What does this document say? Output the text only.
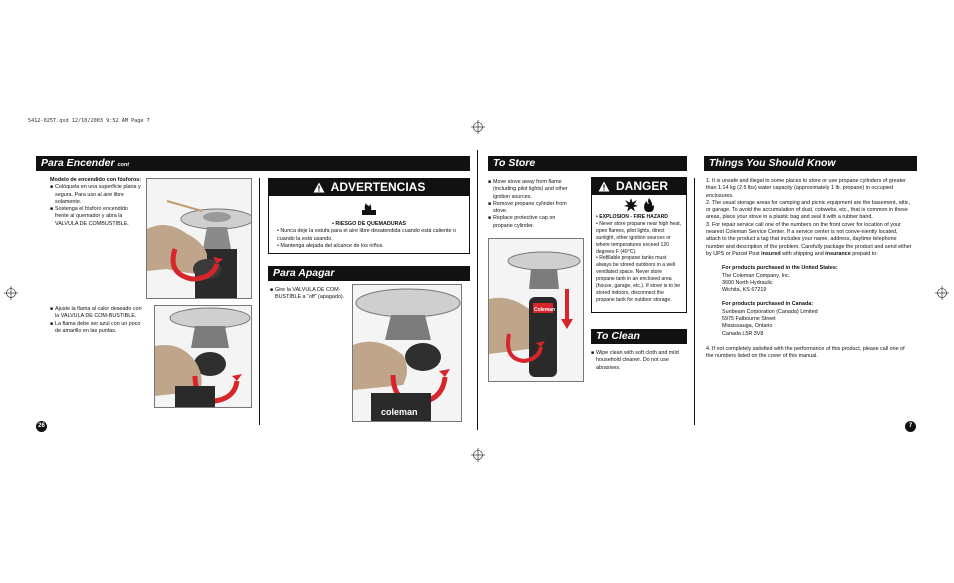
5412-025T.qxd 12/10/2003 9:52 AM Page 7
26	7
Para Encender cont

Modelo de encendido con fósforos:

■ Colóquela en una superficie plana y segura. Para uso al aire libre solamente.
■ Sostenga el fósforo encendido frente al quemador y abra la VALVULA DE COMBUSTIBLE.
■ Ajuste la flama al calor deseado con la VALVULA DE COM-BUSTIBLE.
■ La flama debe ser azul con un poco de amarillo en las puntas.
ADVERTENCIAS

• RIESGO DE QUEMADURAS

• Nunca deje la estufa para el aire libre desatendida cuando está caliente o cuando la está usando.

• Mantenga alejada del alcance de los niños.

Para Apagar
■ Gire la VALVULA DE COM-BUSTIBLE a “off” (apagado).
coleman
To Store
■ Move stove away from flame (including pilot lights) and other ignition sources.
■ Remove propane cylinder from stove.
■ Replace protective cap on propane cylinder.
DANGER

• EXPLOSION - FIRE HAZARD

• Never store propane near high heat, open flames, pilot lights, direct sunlight, other ignition sources or where temperatures exceed 120 degrees F (49°C).

• Refillable propane tanks must always be stored outdoors in a well ventilated space. Never store propane tank in an enclosed area (house, garage, etc.). If stove is to be stored indoors, disconnect the propane tank for outdoor storage.

Coleman
To Clean
■ Wipe clean with soft cloth and mild household cleaner. Do not use abrasives.
Things You Should Know

1. It is unsafe and illegal in some places to store or use propane cylinders of greater than 1.14 kg (2.5 lbs) water capacity (approximately 1 lb. propane) in occupied enclosures.

2. The usual storage areas for camping and picnic equipment are the basement, attic, or garage. To avoid the accumulation of dust, cobwebs, etc., that is common in these areas, place your stove in a plastic bag and seal it with a rubber band.

3. For repair service call one of the numbers on the front cover for location of your nearest Coleman Service Center. If a service center is not conve-niently located, attach to the product a tag that includes your name, address, daytime telephone number and description of the problem. Carefully package the product and send either by UPS or Parcel Post insured with shipping and insurance prepaid to:

For products purchased in the United States:

The Coleman Company, Inc.

3600 North Hydraulic

Wichita, KS 67219

For products purchased in Canada:

Sunbeam Corporation (Canada) Limited

5975 Falbourne Street

Mississauga, Ontario

Canada L5R 3V8

4. If not completely satisfied with the performance of this product, please call one of the numbers listed on the cover of this manual.
